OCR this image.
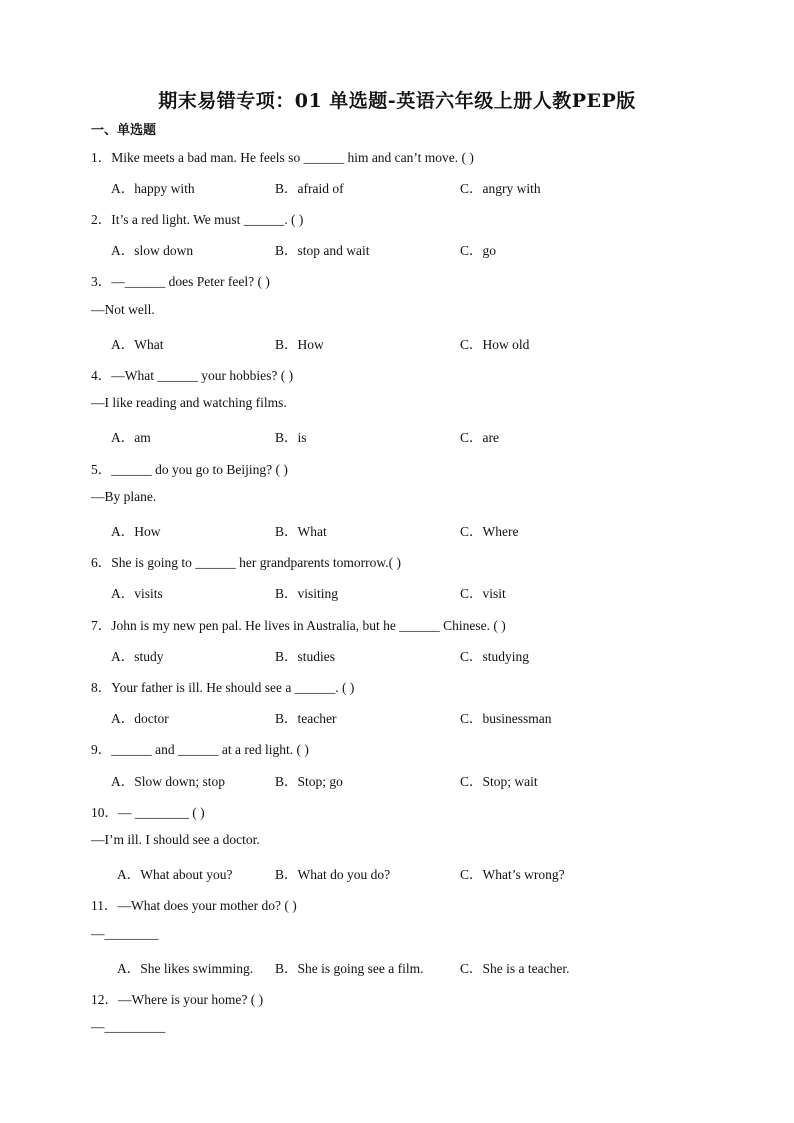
期末易错专项：01 单选题-英语六年级上册人教PEP版
一、单选题
1．Mike meets a bad man. He feels so ______ him and can’t move. ( )
A．happy with	B．afraid of	C．angry with
2．It’s a red light. We must ______. ( )
A．slow down	B．stop and wait	C．go
3．—______ does Peter feel? ( )
—Not well.
A．What	B．How	C．How old
4．—What ______ your hobbies? ( )
—I like reading and watching films.
A．am	B．is	C．are
5．______ do you go to Beijing? ( )
—By plane.
A．How	B．What	C．Where
6．She is going to ______ her grandparents tomorrow.( )
A．visits	B．visiting	C．visit
7．John is my new pen pal. He lives in Australia, but he ______ Chinese. ( )
A．study	B．studies	C．studying
8．Your father is ill. He should see a ______. ( )
A．doctor	B．teacher	C．businessman
9．______ and ______ at a red light. ( )
A．Slow down; stop	B．Stop; go	C．Stop; wait
10．— ________ ( )
—I’m ill. I should see a doctor.
A．What about you?	B．What do you do?	C．What’s wrong?
11．—What does your mother do? ( )
—________
A．She likes swimming. B．She is going see a film.	C．She is a teacher.
12．—Where is your home? ( )
—_________
